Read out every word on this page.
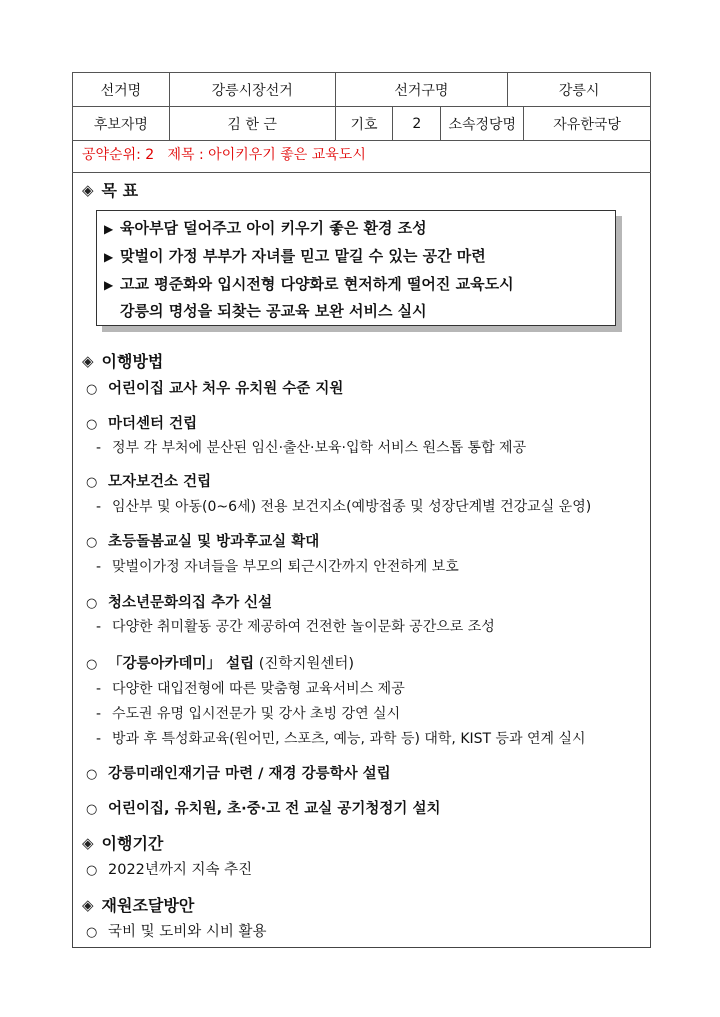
선거명	강릉시장선거	선거구명	강릉시
후보자명	김 한 근	기호	2	소속정당명	자유한국당
공약순위: 2   제목 : 아이키우기 좋은 교육도시
◈ 목 표
▶ 육아부담 덜어주고 아이 키우기 좋은 환경 조성
▶ 맞벌이 가정 부부가 자녀를 믿고 맡길 수 있는 공간 마련
▶ 고교 평준화와 입시전형 다양화로 현저하게 떨어진 교육도시
강릉의 명성을 되찾는 공교육 보완 서비스 실시
◈ 이행방법
○ 어린이집 교사 처우 유치원 수준 지원
○ 마더센터 건립
- 정부 각 부처에 분산된 임신·출산·보육·입학 서비스 원스톱 통합 제공
○ 모자보건소 건립
- 임산부 및 아동(0~6세) 전용 보건지소(예방접종 및 성장단계별 건강교실 운영)
○ 초등돌봄교실 및 방과후교실 확대
- 맞벌이가정 자녀들을 부모의 퇴근시간까지 안전하게 보호
○ 청소년문화의집 추가 신설
- 다양한 취미활동 공간 제공하여 건전한 놀이문화 공간으로 조성
○ 「강릉아카데미」 설립 (진학지원센터)
- 다양한 대입전형에 따른 맞춤형 교육서비스 제공
- 수도권 유명 입시전문가 및 강사 초빙 강연 실시
- 방과 후 특성화교육(원어민, 스포츠, 예능, 과학 등) 대학, KIST 등과 연계 실시
○ 강릉미래인재기금 마련 / 재경 강릉학사 설립
○ 어린이집, 유치원, 초·중·고 전 교실 공기청정기 설치
◈ 이행기간
○ 2022년까지 지속 추진
◈ 재원조달방안
○ 국비 및 도비와 시비 활용
